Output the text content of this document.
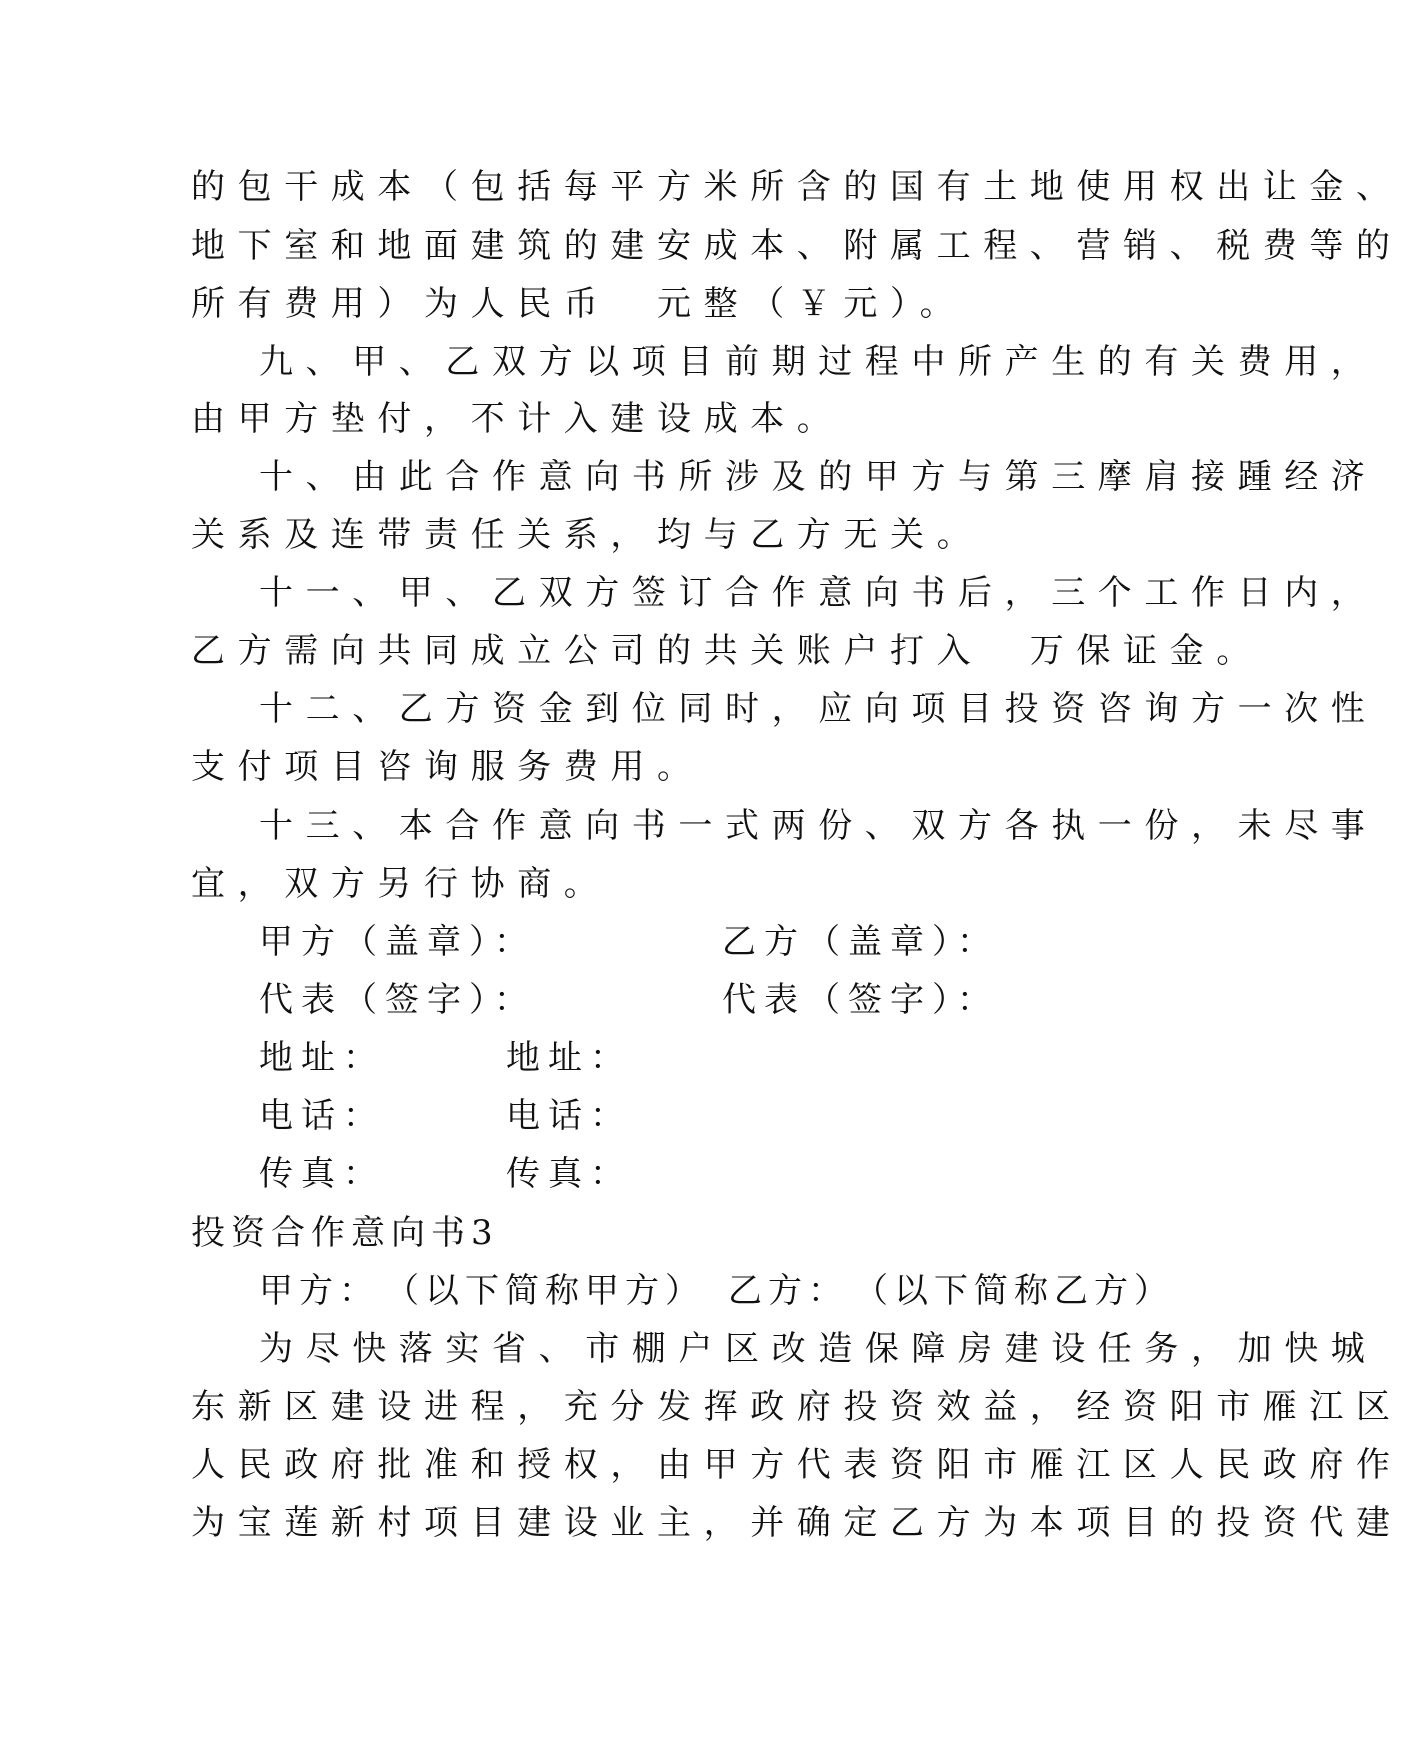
的包干成本（包括每平方米所含的国有土地使用权出让金、
地下室和地面建筑的建安成本、附属工程、营销、税费等的
所有费用）为人民币　元整（￥元）。
九、甲、乙双方以项目前期过程中所产生的有关费用，
由甲方垫付，不计入建设成本。
十、由此合作意向书所涉及的甲方与第三摩肩接踵经济
关系及连带责任关系，均与乙方无关。
十一、甲、乙双方签订合作意向书后，三个工作日内，
乙方需向共同成立公司的共关账户打入　万保证金。
十二、乙方资金到位同时，应向项目投资咨询方一次性
支付项目咨询服务费用。
十三、本合作意向书一式两份、双方各执一份，未尽事
宜，双方另行协商。
甲方（盖章）：	乙方（盖章）：
代表（签字）：	代表（签字）：
地址：	地址：
电话：	电话：
传真：	传真：
投资合作意向书3
甲方：　（以下简称甲方）　乙方：　（以下简称乙方）
为尽快落实省、市棚户区改造保障房建设任务，加快城
东新区建设进程，充分发挥政府投资效益，经资阳市雁江区
人民政府批准和授权，由甲方代表资阳市雁江区人民政府作
为宝莲新村项目建设业主，并确定乙方为本项目的投资代建
